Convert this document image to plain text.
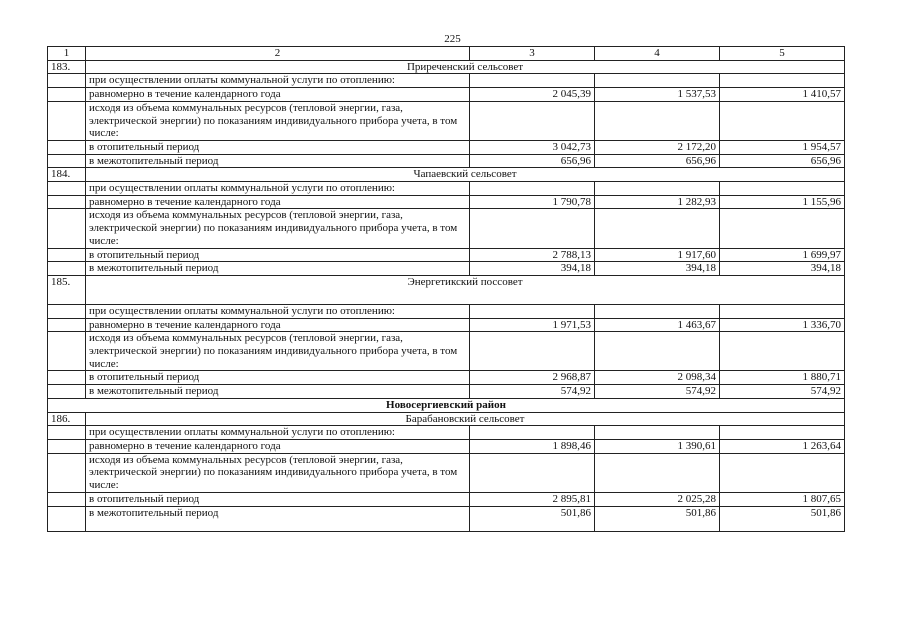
225
1	2	3	4	5
183.	Приреченский сельсовет			
	при осуществлении оплаты коммунальной услуги по отоплению:			
	равномерно в течение календарного года	2 045,39	1 537,53	1 410,57
	исходя из объема коммунальных ресурсов (тепловой энергии, газа, электрической энергии) по показаниям индивидуального прибора учета, в том числе:			
	в отопительный период	3 042,73	2 172,20	1 954,57
	в межотопительный период	656,96	656,96	656,96
184.	Чапаевский сельсовет			
	при осуществлении оплаты коммунальной услуги по отоплению:			
	равномерно в течение календарного года	1 790,78	1 282,93	1 155,96
	исходя из объема коммунальных ресурсов (тепловой энергии, газа, электрической энергии) по показаниям индивидуального прибора учета, в том числе:			
	в отопительный период	2 788,13	1 917,60	1 699,97
	в межотопительный период	394,18	394,18	394,18
185.	Энергетикский поссовет			
	при осуществлении оплаты коммунальной услуги по отоплению:			
	равномерно в течение календарного года	1 971,53	1 463,67	1 336,70
	исходя из объема коммунальных ресурсов (тепловой энергии, газа, электрической энергии) по показаниям индивидуального прибора учета, в том числе:			
	в отопительный период	2 968,87	2 098,34	1 880,71
	в межотопительный период	574,92	574,92	574,92
Новосергиевский район				
186.	Барабановский сельсовет			
	при осуществлении оплаты коммунальной услуги по отоплению:			
	равномерно в течение календарного года	1 898,46	1 390,61	1 263,64
	исходя из объема коммунальных ресурсов (тепловой энергии, газа, электрической энергии) по показаниям индивидуального прибора учета, в том числе:			
	в отопительный период	2 895,81	2 025,28	1 807,65
	в межотопительный период	501,86	501,86	501,86
